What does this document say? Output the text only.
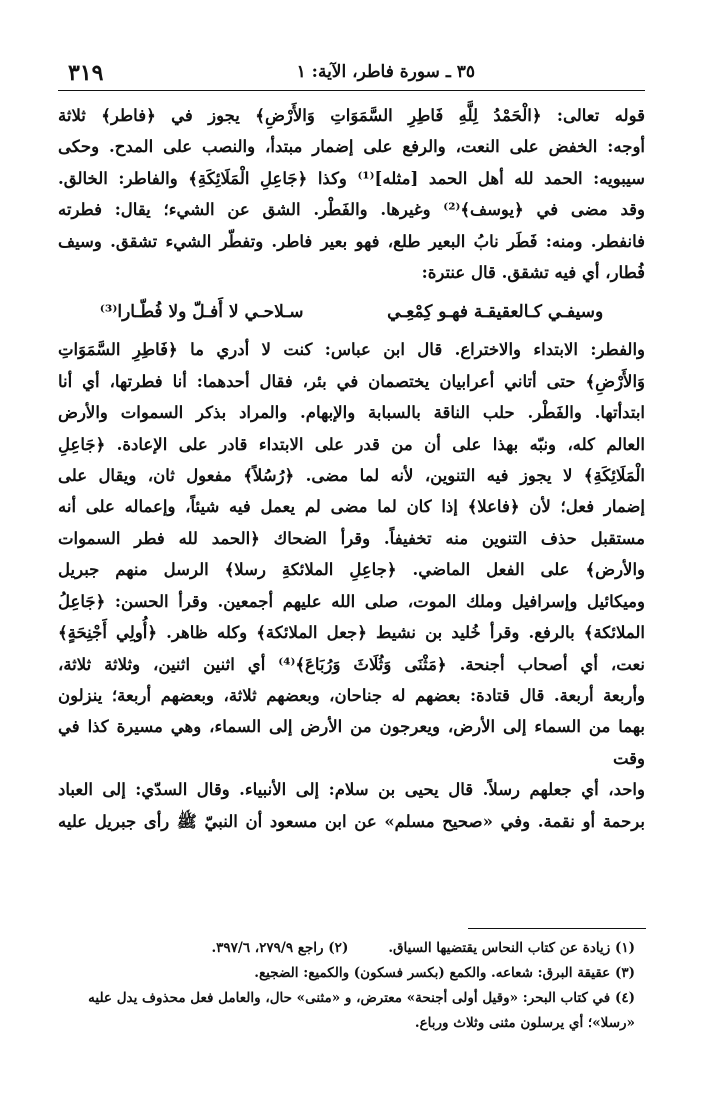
٣١٩	٣٥ ـ سورة فاطر، الآية: ١

قوله تعالى: ﴿الْحَمْدُ لِلَّهِ فَاطِرِ السَّمَوَاتِ وَالأَرْضِ﴾ يجوز في ﴿فاطر﴾ ثلاثة

أوجه: الخفض على النعت، والرفع على إضمار مبتدأ، والنصب على المدح. وحكى

سيبويه: الحمد لله أهل الحمد [مثله]⁽¹⁾ وكذا ﴿جَاعِلِ الْمَلَائِكَةِ﴾ والفاطر: الخالق.

وقد مضى في ﴿يوسف﴾⁽²⁾ وغيرها. والفَطْر. الشق عن الشيء؛ يقال: فطرته

فانفطر. ومنه: فَطَر نابُ البعير طلع، فهو بعير فاطر. وتفطّر الشيء تشقق. وسيف

فُطار، أي فيه تشقق. قال عنترة:

وسيفـي كـالعقيقـة فهـو كِمْعِـي
سـلاحـي لا أَفـلّ ولا فُطّـارا⁽³⁾

والفطر: الابتداء والاختراع. قال ابن عباس: كنت لا أدري ما ﴿فَاطِرِ السَّمَوَاتِ

وَالأَرْضِ﴾ حتى أتاني أعرابيان يختصمان في بئر، فقال أحدهما: أنا فطرتها، أي أنا

ابتدأتها. والفَطْر. حلب الناقة بالسبابة والإبهام. والمراد بذكر السموات والأرض

العالم كله، ونبّه بهذا على أن من قدر على الابتداء قادر على الإعادة. ﴿جَاعِلِ

الْمَلَائِكَةِ﴾ لا يجوز فيه التنوين، لأنه لما مضى. ﴿رُسُلاً﴾ مفعول ثان، ويقال على

إضمار فعل؛ لأن ﴿فاعلا﴾ إذا كان لما مضى لم يعمل فيه شيئاً، وإعماله على أنه

مستقبل حذف التنوين منه تخفيفاً. وقرأ الضحاك ﴿الحمد لله فطر السموات

والأرض﴾ على الفعل الماضي. ﴿جاعِلِ الملائكةِ رسلا﴾ الرسل منهم جبريل

وميكائيل وإسرافيل وملك الموت، صلى الله عليهم أجمعين. وقرأ الحسن: ﴿جَاعِلُ

الملائكة﴾ بالرفع. وقرأ خُليد بن نشيط ﴿جعل الملائكة﴾ وكله ظاهر. ﴿أُولِي أَجْنِحَةٍ﴾

نعت، أي أصحاب أجنحة. ﴿مَثْنَى وَثُلَاثَ وَرُبَاعَ﴾⁽⁴⁾ أي اثنين اثنين، وثلاثة ثلاثة،

وأربعة أربعة. قال قتادة: بعضهم له جناحان، وبعضهم ثلاثة، وبعضهم أربعة؛ ينزلون

بهما من السماء إلى الأرض، ويعرجون من الأرض إلى السماء، وهي مسيرة كذا في وقت

واحد، أي جعلهم رسلاً. قال يحيى بن سلام: إلى الأنبياء. وقال السدّي: إلى العباد

برحمة أو نقمة. وفي «صحيح مسلم» عن ابن مسعود أن النبيّ ﷺ رأى جبريل عليه

(١) زيادة عن كتاب النحاس يقتضيها السياق.
(٢) راجع ٢٧٩/٩، ٣٩٧/٦.

(٣) عقيقة البرق: شعاعه. والكمع (بكسر فسكون) والكميع: الضجيع.

(٤) في كتاب البحر: «وقيل أولى أجنحة» معترض، و «مثنى» حال، والعامل فعل محذوف يدل عليه

«رسلا»؛ أي يرسلون مثنى وثلاث ورباع.
